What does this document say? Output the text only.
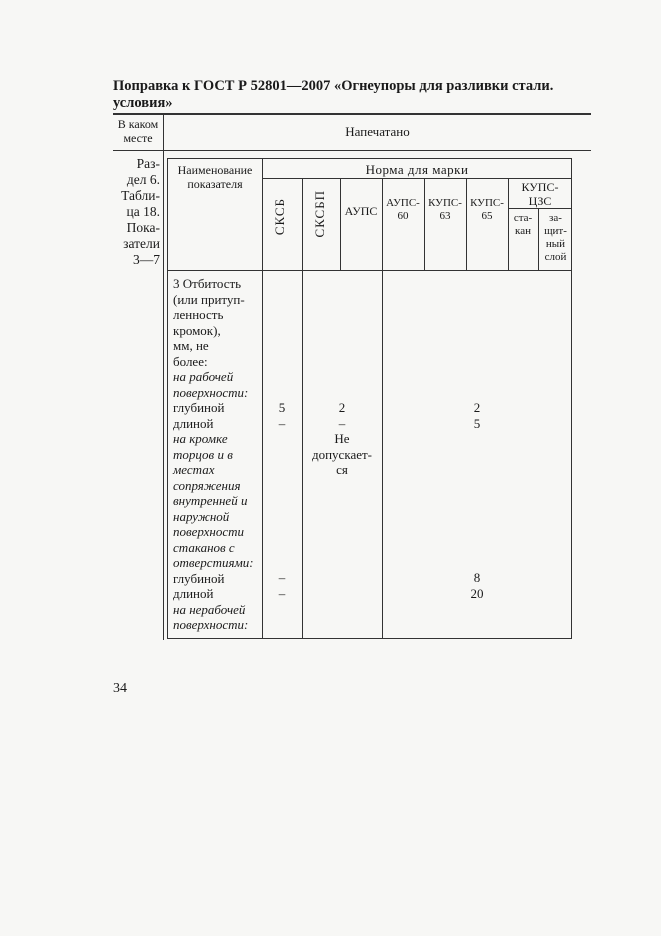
Поправка к ГОСТ Р 52801—2007 «Огнеупоры для разливки стали.
условия»
В каком
месте	Напечатано
Раз-
дел 6.
Табли-
ца 18.
Пока-
затели
3—7
Наименование
показателя
Норма для марки
СКСБ СКСБП	АУПС
АУПС-
60
КУПС-
63
КУПС-
65
КУПС-
ЦЗС
ста-
кан
за-
щит-
ный
слой
3 Отбитость
(или притуп-
ленность
кромок),
мм, не
более:
на рабочей
поверхности:
глубиной
длиной
на кромке
торцов и в
местах
сопряжения
внутренней и
наружной
поверхности
стаканов с
отверстиями:
глубиной
длиной
на нерабочей
поверхности:
5
–
2
–
Не
допускает-
ся
2
5
–
–
8
20
34
